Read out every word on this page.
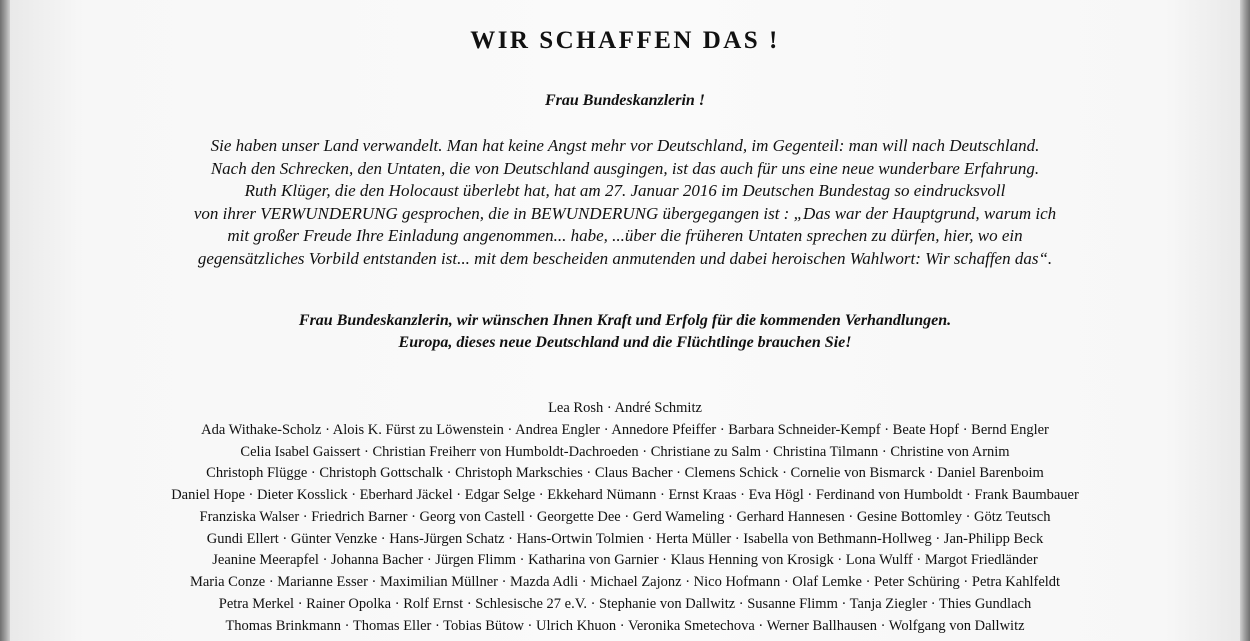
WIR SCHAFFEN DAS !
Frau Bundeskanzlerin !
Sie haben unser Land verwandelt. Man hat keine Angst mehr vor Deutschland, im Gegenteil: man will nach Deutschland.
Nach den Schrecken, den Untaten, die von Deutschland ausgingen, ist das auch für uns eine neue wunderbare Erfahrung.
Ruth Klüger, die den Holocaust überlebt hat, hat am 27. Januar 2016 im Deutschen Bundestag so eindrucksvoll
von ihrer VERWUNDERUNG gesprochen, die in BEWUNDERUNG übergegangen ist : „Das war der Hauptgrund, warum ich
mit großer Freude Ihre Einladung angenommen... habe, ...über die früheren Untaten sprechen zu dürfen, hier, wo ein
gegensätzliches Vorbild entstanden ist... mit dem bescheiden anmutenden und dabei heroischen Wahlwort: Wir schaffen das“.
Frau Bundeskanzlerin, wir wünschen Ihnen Kraft und Erfolg für die kommenden Verhandlungen.
Europa, dieses neue Deutschland und die Flüchtlinge brauchen Sie!
Lea Rosh · André Schmitz
Ada Withake-Scholz · Alois K. Fürst zu Löwenstein · Andrea Engler · Annedore Pfeiffer · Barbara Schneider-Kempf · Beate Hopf · Bernd Engler
Celia Isabel Gaissert · Christian Freiherr von Humboldt-Dachroeden · Christiane zu Salm · Christina Tilmann · Christine von Arnim
Christoph Flügge · Christoph Gottschalk · Christoph Markschies · Claus Bacher · Clemens Schick · Cornelie von Bismarck · Daniel Barenboim
Daniel Hope · Dieter Kosslick · Eberhard Jäckel · Edgar Selge · Ekkehard Nümann · Ernst Kraas · Eva Högl · Ferdinand von Humboldt · Frank Baumbauer
Franziska Walser · Friedrich Barner · Georg von Castell · Georgette Dee · Gerd Wameling · Gerhard Hannesen · Gesine Bottomley · Götz Teutsch
Gundi Ellert · Günter Venzke · Hans-Jürgen Schatz · Hans-Ortwin Tolmien · Herta Müller · Isabella von Bethmann-Hollweg · Jan-Philipp Beck
Jeanine Meerapfel · Johanna Bacher · Jürgen Flimm · Katharina von Garnier · Klaus Henning von Krosigk · Lona Wulff · Margot Friedländer
Maria Conze · Marianne Esser · Maximilian Müllner · Mazda Adli · Michael Zajonz · Nico Hofmann · Olaf Lemke · Peter Schüring · Petra Kahlfeldt
Petra Merkel · Rainer Opolka · Rolf Ernst · Schlesische 27 e.V. · Stephanie von Dallwitz · Susanne Flimm · Tanja Ziegler · Thies Gundlach
Thomas Brinkmann · Thomas Eller · Tobias Bütow · Ulrich Khuon · Veronika Smetechova · Werner Ballhausen · Wolfgang von Dallwitz
